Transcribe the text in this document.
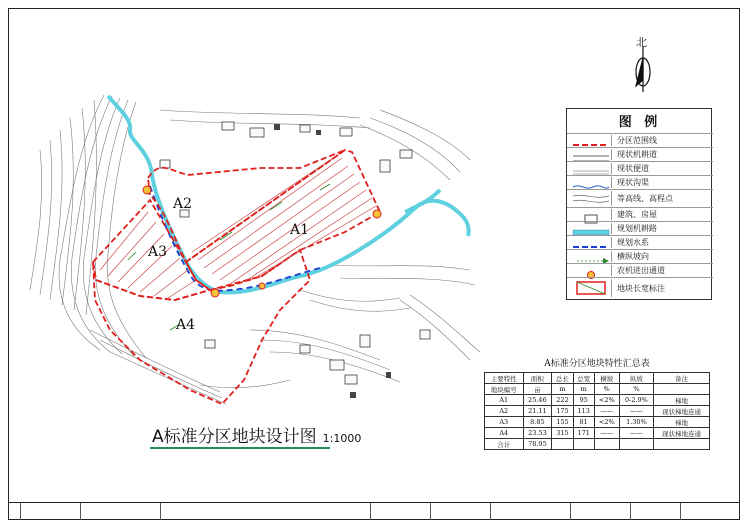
北
A2
A1
A3
A4
图 例
分区范围线
现状机耕道
现状便道
现状沟渠
等高线、高程点
建筑、房屋
规划机耕路
规划水系
横纵坡向
农机进出通道
地块长宽标注
A标准分区地块特性汇总表
主要特性	面积	总长	总宽	横坡	纵坡	备注
地块编号	亩	m	m	%	%	
A1	25.46	222	95	<2%	0-2.9%	梯地
A2	21.11	175	113	——	——	现状梯地连通
A3	8.85	155	81	<2%	1.30%	梯地
A4	23.53	315	171	——	——	现状梯地连通
合计	78.95					
A标准分区地块设计图 1:1000
